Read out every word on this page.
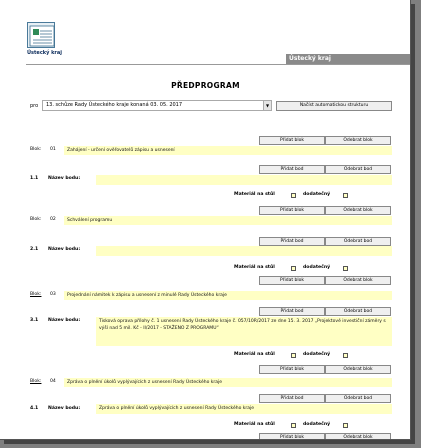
Ústecký kraj
Ústecký kraj
PŘEDPROGRAM
pro	13. schůze Rady Ústeckého kraje konaná 03. 05. 2017	▼	Načíst automatickou strukturu
Přidat blok	Odebrat blok
Blok: 01	Zahájení - určení ověřovatelů zápisu a usnesení
Přidat bod	Odebrat bod
1.1 Název bodu:
Materiál na stůl	dodatečný
Přidat blok	Odebrat blok
Blok: 02	Schválení programu
Přidat bod	Odebrat bod
2.1 Název bodu:
Materiál na stůl	dodatečný
Přidat blok	Odebrat blok
Blok: 03	Projednání námitek k zápisu a usnesení z minulé Rady Ústeckého kraje
Přidat bod	Odebrat bod
3.1 Název bodu:	Tisková oprava přílohy č. 1 usnesení Rady Ústeckého kraje č. 057/10R/2017 ze dne 15. 3. 2017 „Projektové investiční záměry s výší nad 5 mil. Kč - II/2017 - STAŽENO Z PROGRAMU“
Materiál na stůl	dodatečný
Přidat blok	Odebrat blok
Blok: 04	Zpráva o plnění úkolů vyplývajících z usnesení Rady Ústeckého kraje
Přidat bod	Odebrat bod
4.1 Název bodu:	Zpráva o plnění úkolů vyplývajících z usnesení Rady Ústeckého kraje
Materiál na stůl	dodatečný
Přidat blok	Odebrat blok
